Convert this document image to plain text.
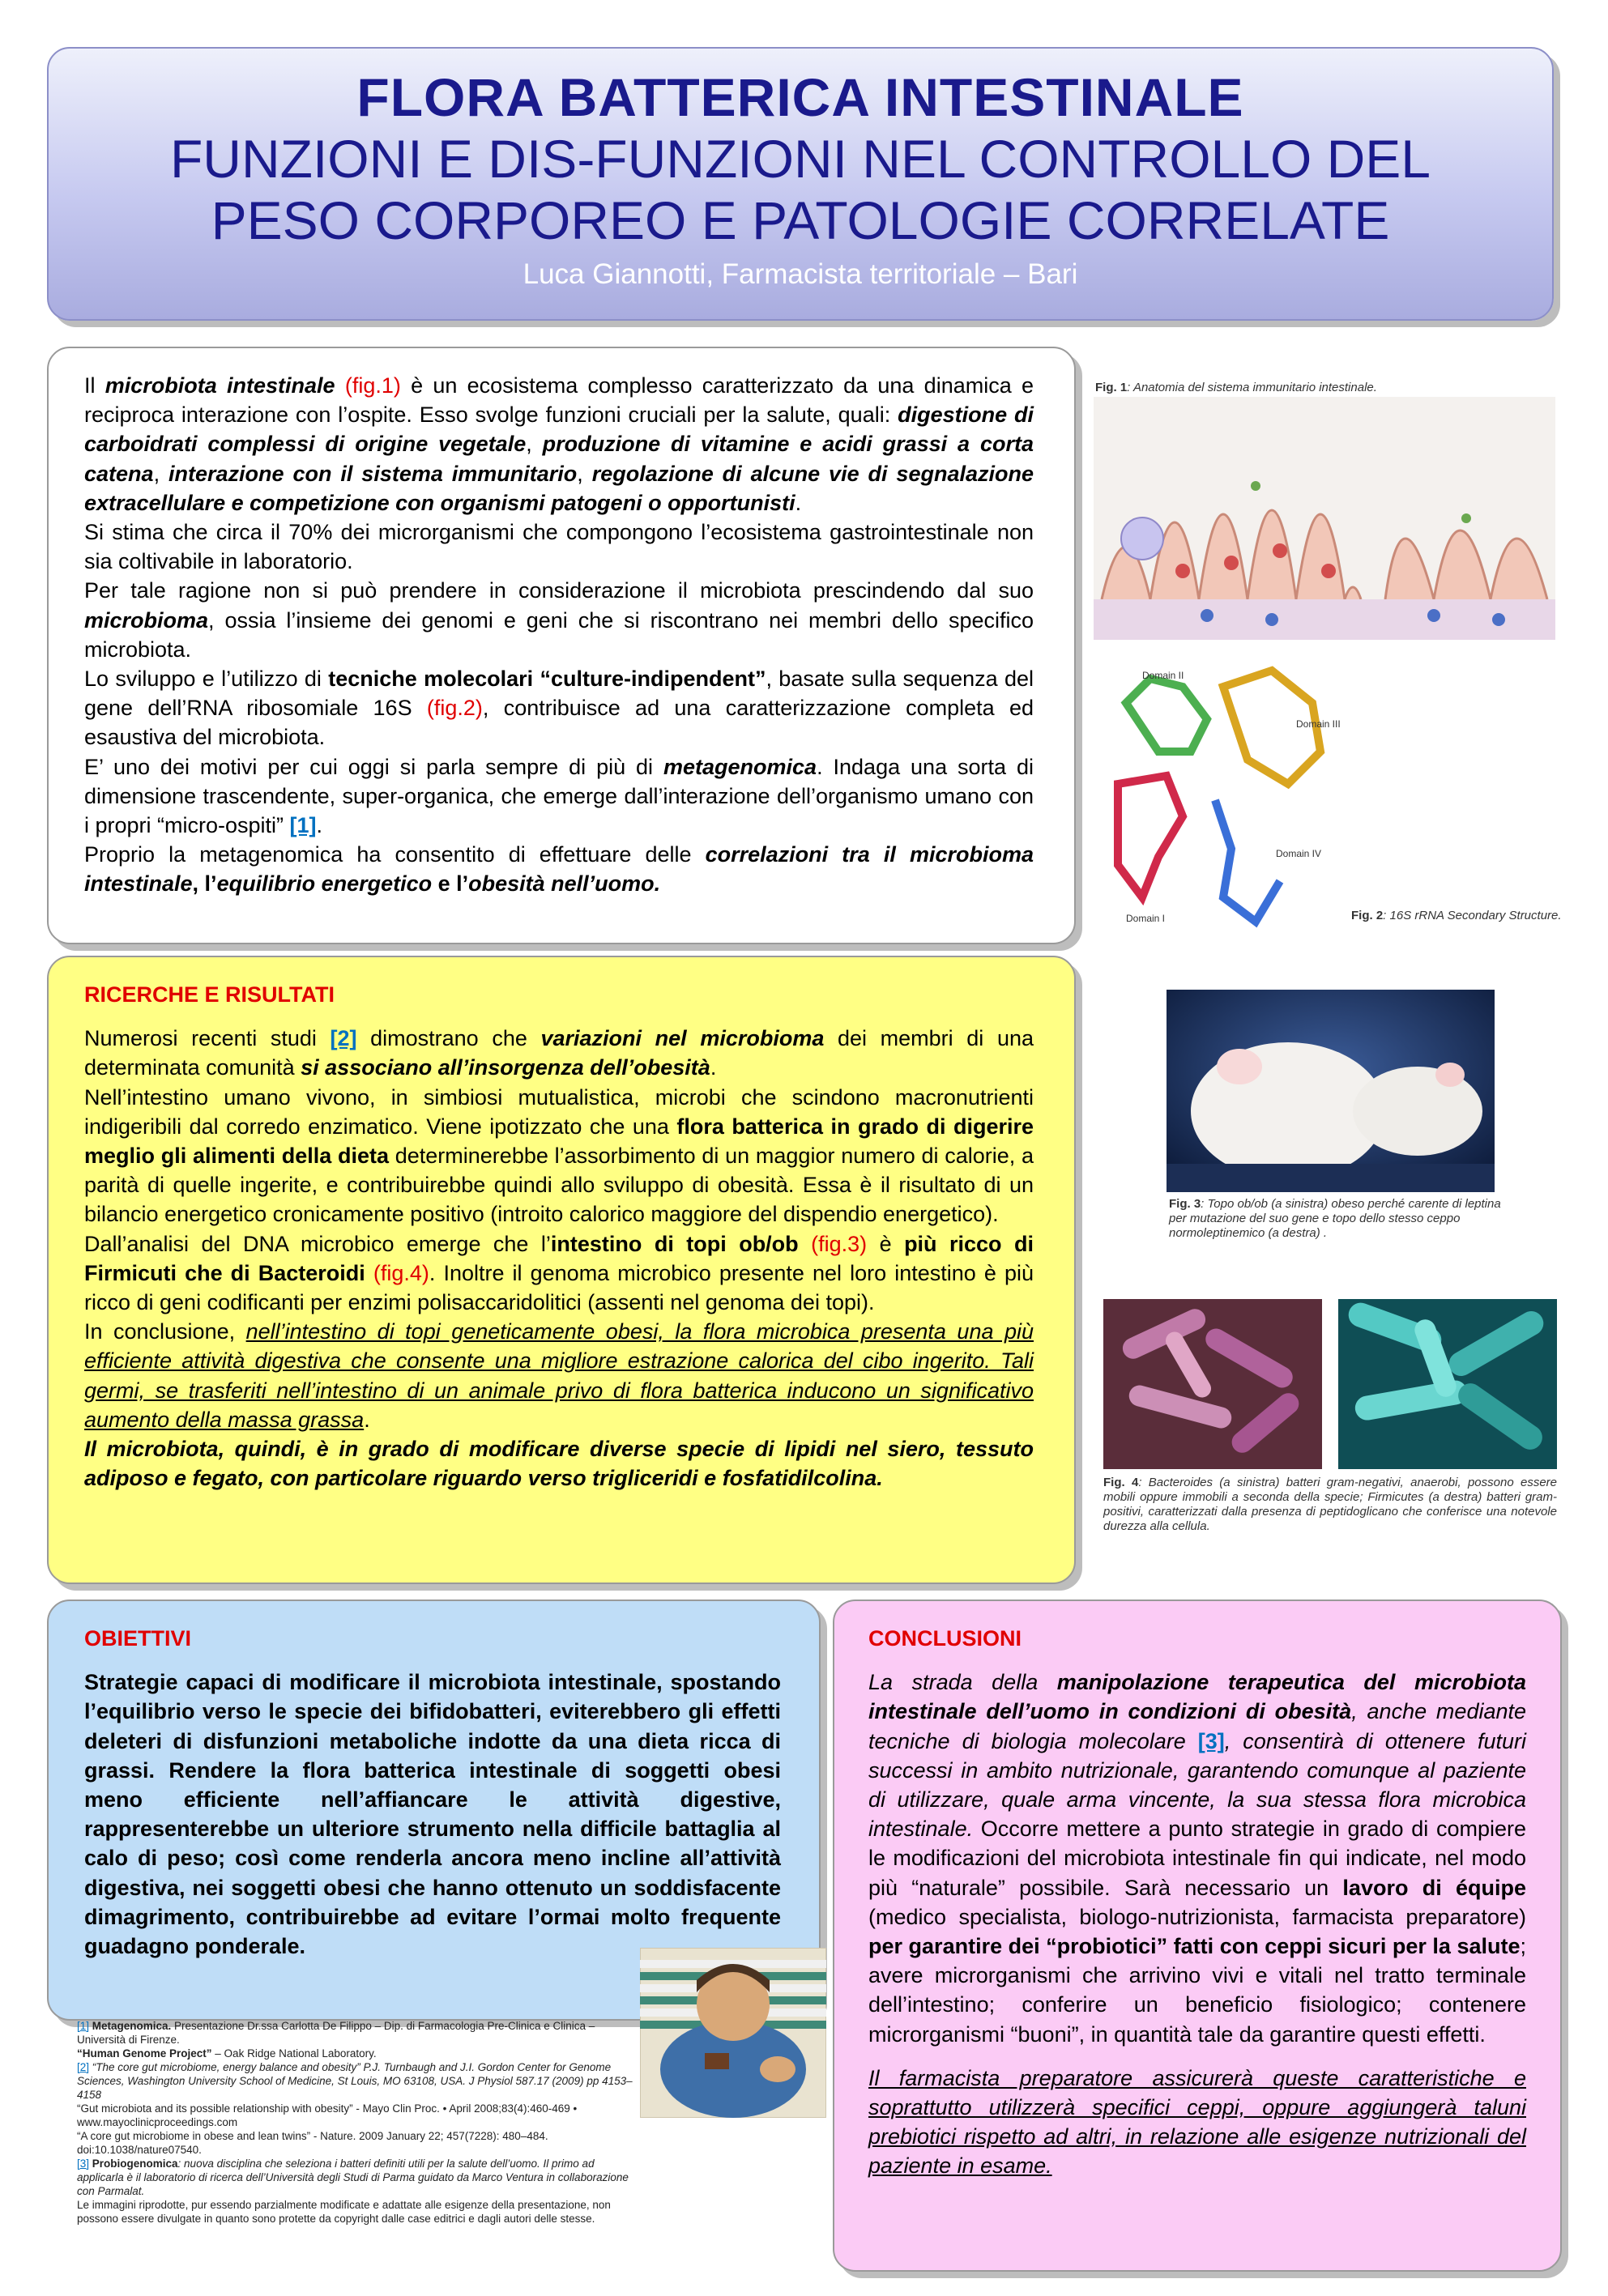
FLORA BATTERICA INTESTINALE
FUNZIONI E DIS-FUNZIONI NEL CONTROLLO DEL
PESO CORPOREO E PATOLOGIE CORRELATE
Luca Giannotti, Farmacista territoriale – Bari
Il microbiota intestinale (fig.1) è un ecosistema complesso caratterizzato da una dinamica e reciproca interazione con l’ospite. Esso svolge funzioni cruciali per la salute, quali: digestione di carboidrati complessi di origine vegetale, produzione di vitamine e acidi grassi a corta catena, interazione con il sistema immunitario, regolazione di alcune vie di segnalazione extracellulare e competizione con organismi patogeni o opportunisti.
Si stima che circa il 70% dei microrganismi che compongono l’ecosistema gastrointestinale non sia coltivabile in laboratorio.
Per tale ragione non si può prendere in considerazione il microbiota prescindendo dal suo microbioma, ossia l’insieme dei genomi e geni che si riscontrano nei membri dello specifico microbiota.
Lo sviluppo e l’utilizzo di tecniche molecolari “culture-indipendent”, basate sulla sequenza del gene dell’RNA ribosomiale 16S (fig.2), contribuisce ad una caratterizzazione completa ed esaustiva del microbiota.
E’ uno dei motivi per cui oggi si parla sempre di più di metagenomica. Indaga una sorta di dimensione trascendente, super-organica, che emerge dall’interazione dell’organismo umano con i propri “micro-ospiti” [1].
Proprio la metagenomica ha consentito di effettuare delle correlazioni tra il microbioma intestinale, l’equilibrio energetico e l’obesità nell’uomo.
Fig. 1: Anatomia del sistema immunitario intestinale.
Domain II
Domain III
Domain I
Domain IV
Fig. 2: 16S rRNA Secondary Structure.
RICERCHE E RISULTATI
Numerosi recenti studi [2] dimostrano che variazioni nel microbioma dei membri di una determinata comunità si associano all’insorgenza dell’obesità.
Nell’intestino umano vivono, in simbiosi mutualistica, microbi che scindono macronutrienti indigeribili dal corredo enzimatico. Viene ipotizzato che una flora batterica in grado di digerire meglio gli alimenti della dieta determinerebbe l’assorbimento di un maggior numero di calorie, a parità di quelle ingerite, e contribuirebbe quindi allo sviluppo di obesità. Essa è il risultato di un bilancio energetico cronicamente positivo (introito calorico maggiore del dispendio energetico).
Dall’analisi del DNA microbico emerge che l’intestino di topi ob/ob (fig.3) è più ricco di Firmicuti che di Bacteroidi (fig.4). Inoltre il genoma microbico presente nel loro intestino è più ricco di geni codificanti per enzimi polisaccaridolitici (assenti nel genoma dei topi).
In conclusione, nell’intestino di topi geneticamente obesi, la flora microbica presenta una più efficiente attività digestiva che consente una migliore estrazione calorica del cibo ingerito. Tali germi, se trasferiti nell’intestino di un animale privo di flora batterica inducono un significativo aumento della massa grassa.
Il microbiota, quindi, è in grado di modificare diverse specie di lipidi nel siero, tessuto adiposo e fegato, con particolare riguardo verso trigliceridi e fosfatidilcolina.
Fig. 3: Topo ob/ob (a sinistra) obeso perché carente di leptina per mutazione del suo gene e topo dello stesso ceppo normoleptinemico (a destra) .
Fig. 4: Bacteroides (a sinistra) batteri gram-negativi, anaerobi, possono essere mobili oppure immobili a seconda della specie; Firmicutes (a destra) batteri gram-positivi, caratterizzati dalla presenza di peptidoglicano che conferisce una notevole durezza alla cellula.
OBIETTIVI
Strategie capaci di modificare il microbiota intestinale, spostando l’equilibrio verso le specie dei bifidobatteri, eviterebbero gli effetti deleteri di disfunzioni metaboliche indotte da una dieta ricca di grassi. Rendere la flora batterica intestinale di soggetti obesi meno efficiente nell’affiancare le attività digestive, rappresenterebbe un ulteriore strumento nella difficile battaglia al calo di peso; così come renderla ancora meno incline all’attività digestiva, nei soggetti obesi che hanno ottenuto un soddisfacente dimagrimento, contribuirebbe ad evitare l’ormai molto frequente guadagno ponderale.
CONCLUSIONI
La strada della manipolazione terapeutica del microbiota intestinale dell’uomo in condizioni di obesità, anche mediante tecniche di biologia molecolare [3], consentirà di ottenere futuri successi in ambito nutrizionale, garantendo comunque al paziente di utilizzare, quale arma vincente, la sua stessa flora microbica intestinale. Occorre mettere a punto strategie in grado di compiere le modificazioni del microbiota intestinale fin qui indicate, nel modo più “naturale” possibile. Sarà necessario un lavoro di équipe (medico specialista, biologo-nutrizionista, farmacista preparatore) per garantire dei “probiotici” fatti con ceppi sicuri per la salute; avere microrganismi che arrivino vivi e vitali nel tratto terminale dell’intestino; conferire un beneficio fisiologico; contenere microrganismi “buoni”, in quantità tale da garantire questi effetti.

Il farmacista preparatore assicurerà queste caratteristiche e soprattutto utilizzerà specifici ceppi, oppure aggiungerà taluni prebiotici rispetto ad altri, in relazione alle esigenze nutrizionali del paziente in esame.
[1] Metagenomica. Presentazione Dr.ssa Carlotta De Filippo – Dip. di Farmacologia Pre-Clinica e Clinica – Università di Firenze.
“Human Genome Project” – Oak Ridge National Laboratory.
[2] “The core gut microbiome, energy balance and obesity” P.J. Turnbaugh and J.I. Gordon Center for Genome Sciences, Washington University School of Medicine, St Louis, MO 63108, USA. J Physiol 587.17 (2009) pp 4153–4158
“Gut microbiota and its possible relationship with obesity” - Mayo Clin Proc. • April 2008;83(4):460-469 • www.mayoclinicproceedings.com
“A core gut microbiome in obese and lean twins” - Nature. 2009 January 22; 457(7228): 480–484. doi:10.1038/nature07540.
[3] Probiogenomica: nuova disciplina che seleziona i batteri definiti utili per la salute dell’uomo. Il primo ad applicarla è il laboratorio di ricerca dell’Università degli Studi di Parma guidato da Marco Ventura in collaborazione con Parmalat.
Le immagini riprodotte, pur essendo parzialmente modificate e adattate alle esigenze della presentazione, non possono essere divulgate in quanto sono protette da copyright dalle case editrici e dagli autori delle stesse.
